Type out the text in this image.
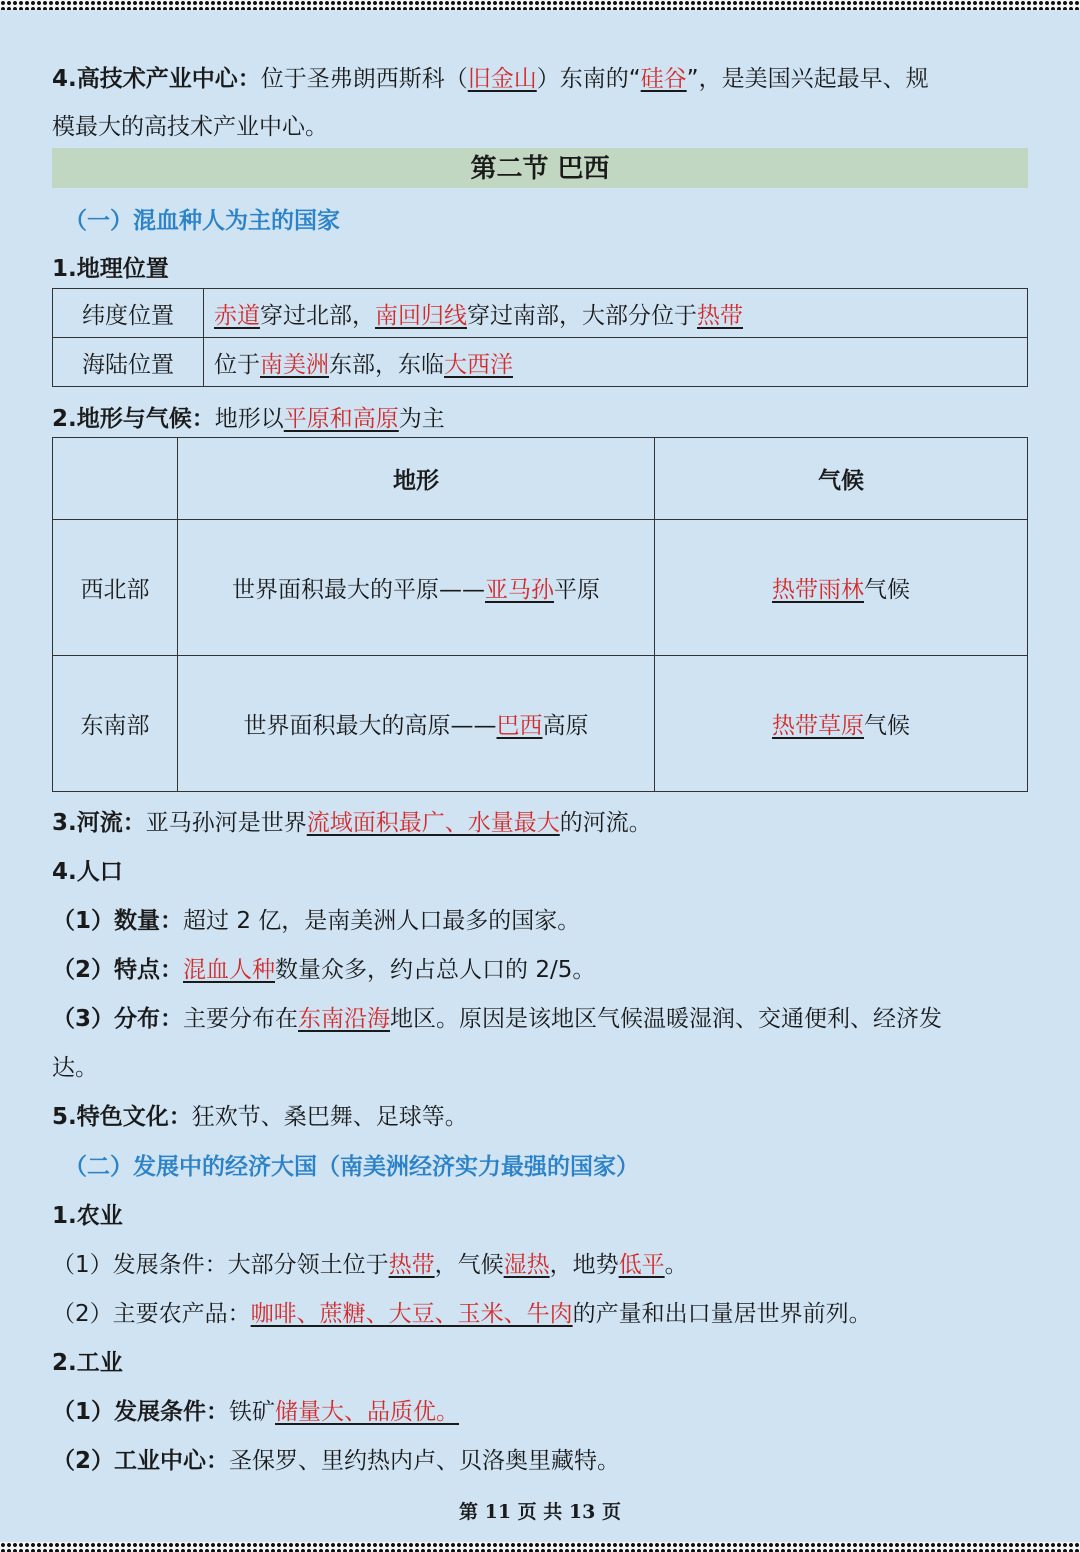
4.高技术产业中心：位于圣弗朗西斯科（旧金山）东南的“硅谷”，是美国兴起最早、规
模最大的高技术产业中心。
第二节 巴西
（一）混血种人为主的国家
1.地理位置
纬度位置	赤道穿过北部，南回归线穿过南部，大部分位于热带
海陆位置	位于南美洲东部，东临大西洋
2.地形与气候：地形以平原和高原为主
	地形	气候
西北部	世界面积最大的平原——亚马孙平原	热带雨林气候
东南部	世界面积最大的高原——巴西高原	热带草原气候
3.河流：亚马孙河是世界流域面积最广、水量最大的河流。
4.人口
（1）数量：超过 2 亿，是南美洲人口最多的国家。
（2）特点：混血人种数量众多，约占总人口的 2/5。
（3）分布：主要分布在东南沿海地区。原因是该地区气候温暖湿润、交通便利、经济发
达。
5.特色文化：狂欢节、桑巴舞、足球等。
（二）发展中的经济大国（南美洲经济实力最强的国家）
1.农业
（1）发展条件：大部分领土位于热带，气候湿热，地势低平。
（2）主要农产品：咖啡、蔗糖、大豆、玉米、牛肉的产量和出口量居世界前列。
2.工业
（1）发展条件：铁矿储量大、品质优。
（2）工业中心：圣保罗、里约热内卢、贝洛奥里藏特。
第 11 页 共 13 页
